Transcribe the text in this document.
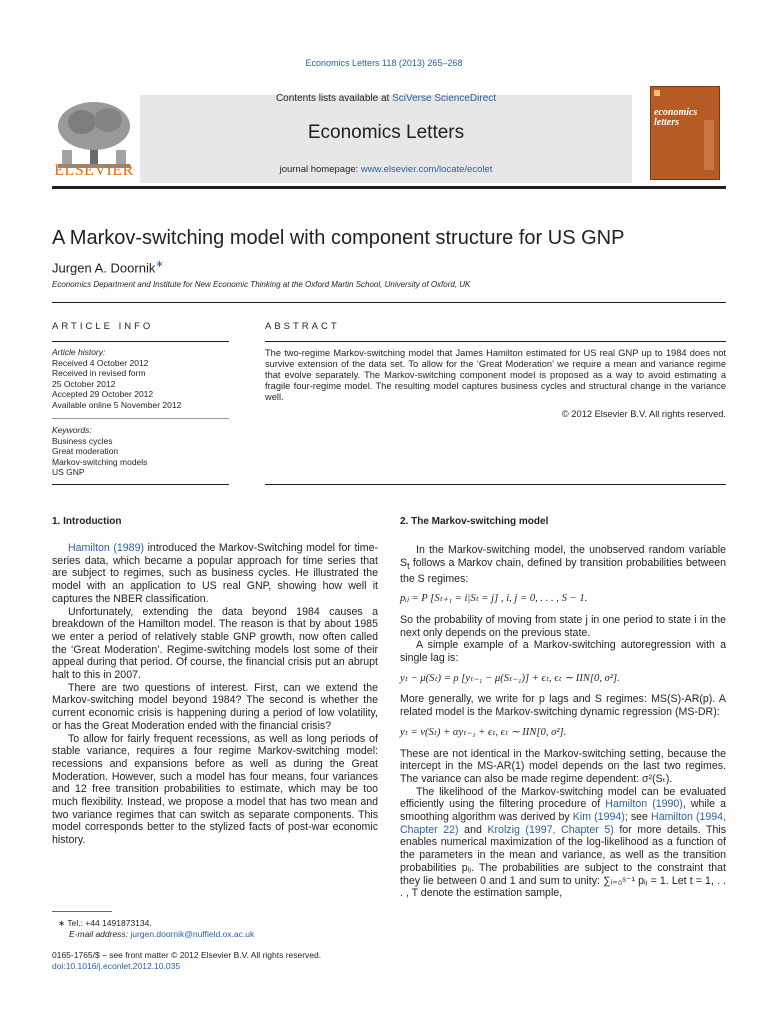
Economics Letters 118 (2013) 265–268
ELSEVIER
Contents lists available at SciVerse ScienceDirect
Economics Letters
journal homepage: www.elsevier.com/locate/ecolet
economics
letters
A Markov-switching model with component structure for US GNP
Jurgen A. Doornik∗
Economics Department and Institute for New Economic Thinking at the Oxford Martin School, University of Oxford, UK
ARTICLE INFO
Article history:
Received 4 October 2012
Received in revised form
25 October 2012
Accepted 29 October 2012
Available online 5 November 2012
Keywords:
Business cycles
Great moderation
Markov-switching models
US GNP
ABSTRACT
The two-regime Markov-switching model that James Hamilton estimated for US real GNP up to 1984 does not survive extension of the data set. To allow for the ‘Great Moderation’ we require a mean and variance regime that evolve separately. The Markov-switching component model is proposed as a way to avoid estimating a fragile four-regime model. The resulting model captures business cycles and structural change in the variance well.
© 2012 Elsevier B.V. All rights reserved.
1. Introduction

Hamilton (1989) introduced the Markov-Switching model for time-series data, which became a popular approach for time series that are subject to regimes, such as business cycles. He illustrated the model with an application to US real GNP, showing how well it captures the NBER classification.

Unfortunately, extending the data beyond 1984 causes a breakdown of the Hamilton model. The reason is that by about 1985 we enter a period of relatively stable GNP growth, now often called the ‘Great Moderation’. Regime-switching models lost some of their appeal during that period. Of course, the financial crisis put an abrupt halt to this in 2007.

There are two questions of interest. First, can we extend the Markov-switching model beyond 1984? The second is whether the current economic crisis is happening during a period of low volatility, or has the Great Moderation ended with the financial crisis?

To allow for fairly frequent recessions, as well as long periods of stable variance, requires a four regime Markov-switching model: recessions and expansions before as well as during the Great Moderation. However, such a model has four means, four variances and 12 free transition probabilities to estimate, which may be too much flexibility. Instead, we propose a model that has two mean and two variance regimes that can switch as separate components. This model corresponds better to the stylized facts of post-war economic history.

2. The Markov-switching model

In the Markov-switching model, the unobserved random variable $S_t$ follows a Markov chain, defined by transition probabilities between the S regimes:

pᵢⱼ = P [Sₜ₊₁ = i|Sₜ = j] , i, j = 0, . . . , S − 1.

So the probability of moving from state j in one period to state i in the next only depends on the previous state.

A simple example of a Markov-switching autoregression with a single lag is:

yₜ − μ(Sₜ) = ρ [yₜ₋₁ − μ(Sₜ₋₁)] + ϵₜ, ϵₜ ∼ IIN[0, σ²].

More generally, we write for p lags and S regimes: MS(S)-AR(p). A related model is the Markov-switching dynamic regression (MS-DR):

yₜ = ν(Sₜ) + αyₜ₋₁ + ϵₜ, ϵₜ ∼ IIN[0, σ²].

These are not identical in the Markov-switching setting, because the intercept in the MS-AR(1) model depends on the last two regimes. The variance can also be made regime dependent: σ²(Sₜ).

The likelihood of the Markov-switching model can be evaluated efficiently using the filtering procedure of Hamilton (1990), while a smoothing algorithm was derived by Kim (1994); see Hamilton (1994, Chapter 22) and Krolzig (1997, Chapter 5) for more details. This enables numerical maximization of the log-likelihood as a function of the parameters in the mean and variance, as well as the transition probabilities pᵢⱼ. The probabilities are subject to the constraint that they lie between 0 and 1 and sum to unity: ∑ᵢ₌₀ˢ⁻¹ pᵢⱼ = 1. Let t = 1, . . . , T denote the estimation sample,

∗ Tel.: +44 1491873134.
E-mail address: jurgen.doornik@nuffield.ox.ac.uk
0165-1765/$ – see front matter © 2012 Elsevier B.V. All rights reserved.
doi:10.1016/j.econlet.2012.10.035
